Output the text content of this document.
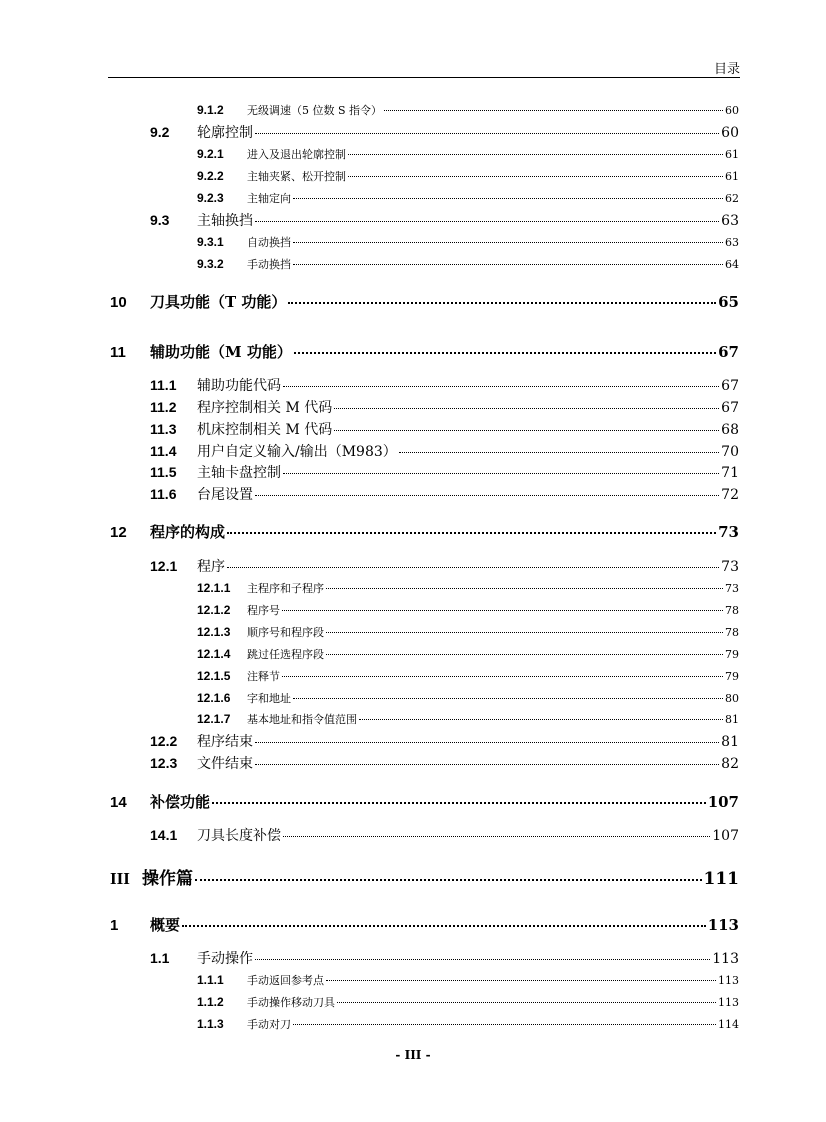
目录
9.1.2	无级调速（5 位数 S 指令）	60
9.2	轮廓控制	60
9.2.1	进入及退出轮廓控制	61
9.2.2	主轴夹紧、松开控制	61
9.2.3	主轴定向	62
9.3	主轴换挡	63
9.3.1	自动换挡	63
9.3.2	手动换挡	64
10	刀具功能（T 功能）	65
11	辅助功能（M 功能）	67
11.1	辅助功能代码	67
11.2	程序控制相关 M 代码	67
11.3	机床控制相关 M 代码	68
11.4	用户自定义输入/输出（M983）	70
11.5	主轴卡盘控制	71
11.6	台尾设置	72
12	程序的构成	73
12.1	程序	73
12.1.1	主程序和子程序	73
12.1.2	程序号	78
12.1.3	顺序号和程序段	78
12.1.4	跳过任选程序段	79
12.1.5	注释节	79
12.1.6	字和地址	80
12.1.7	基本地址和指令值范围	81
12.2	程序结束	81
12.3	文件结束	82
14	补偿功能	107
14.1	刀具长度补偿	107
III 操作篇	111
1	概要	113
1.1	手动操作	113
1.1.1	手动返回参考点	113
1.1.2	手动操作移动刀具	113
1.1.3	手动对刀	114
- III -
